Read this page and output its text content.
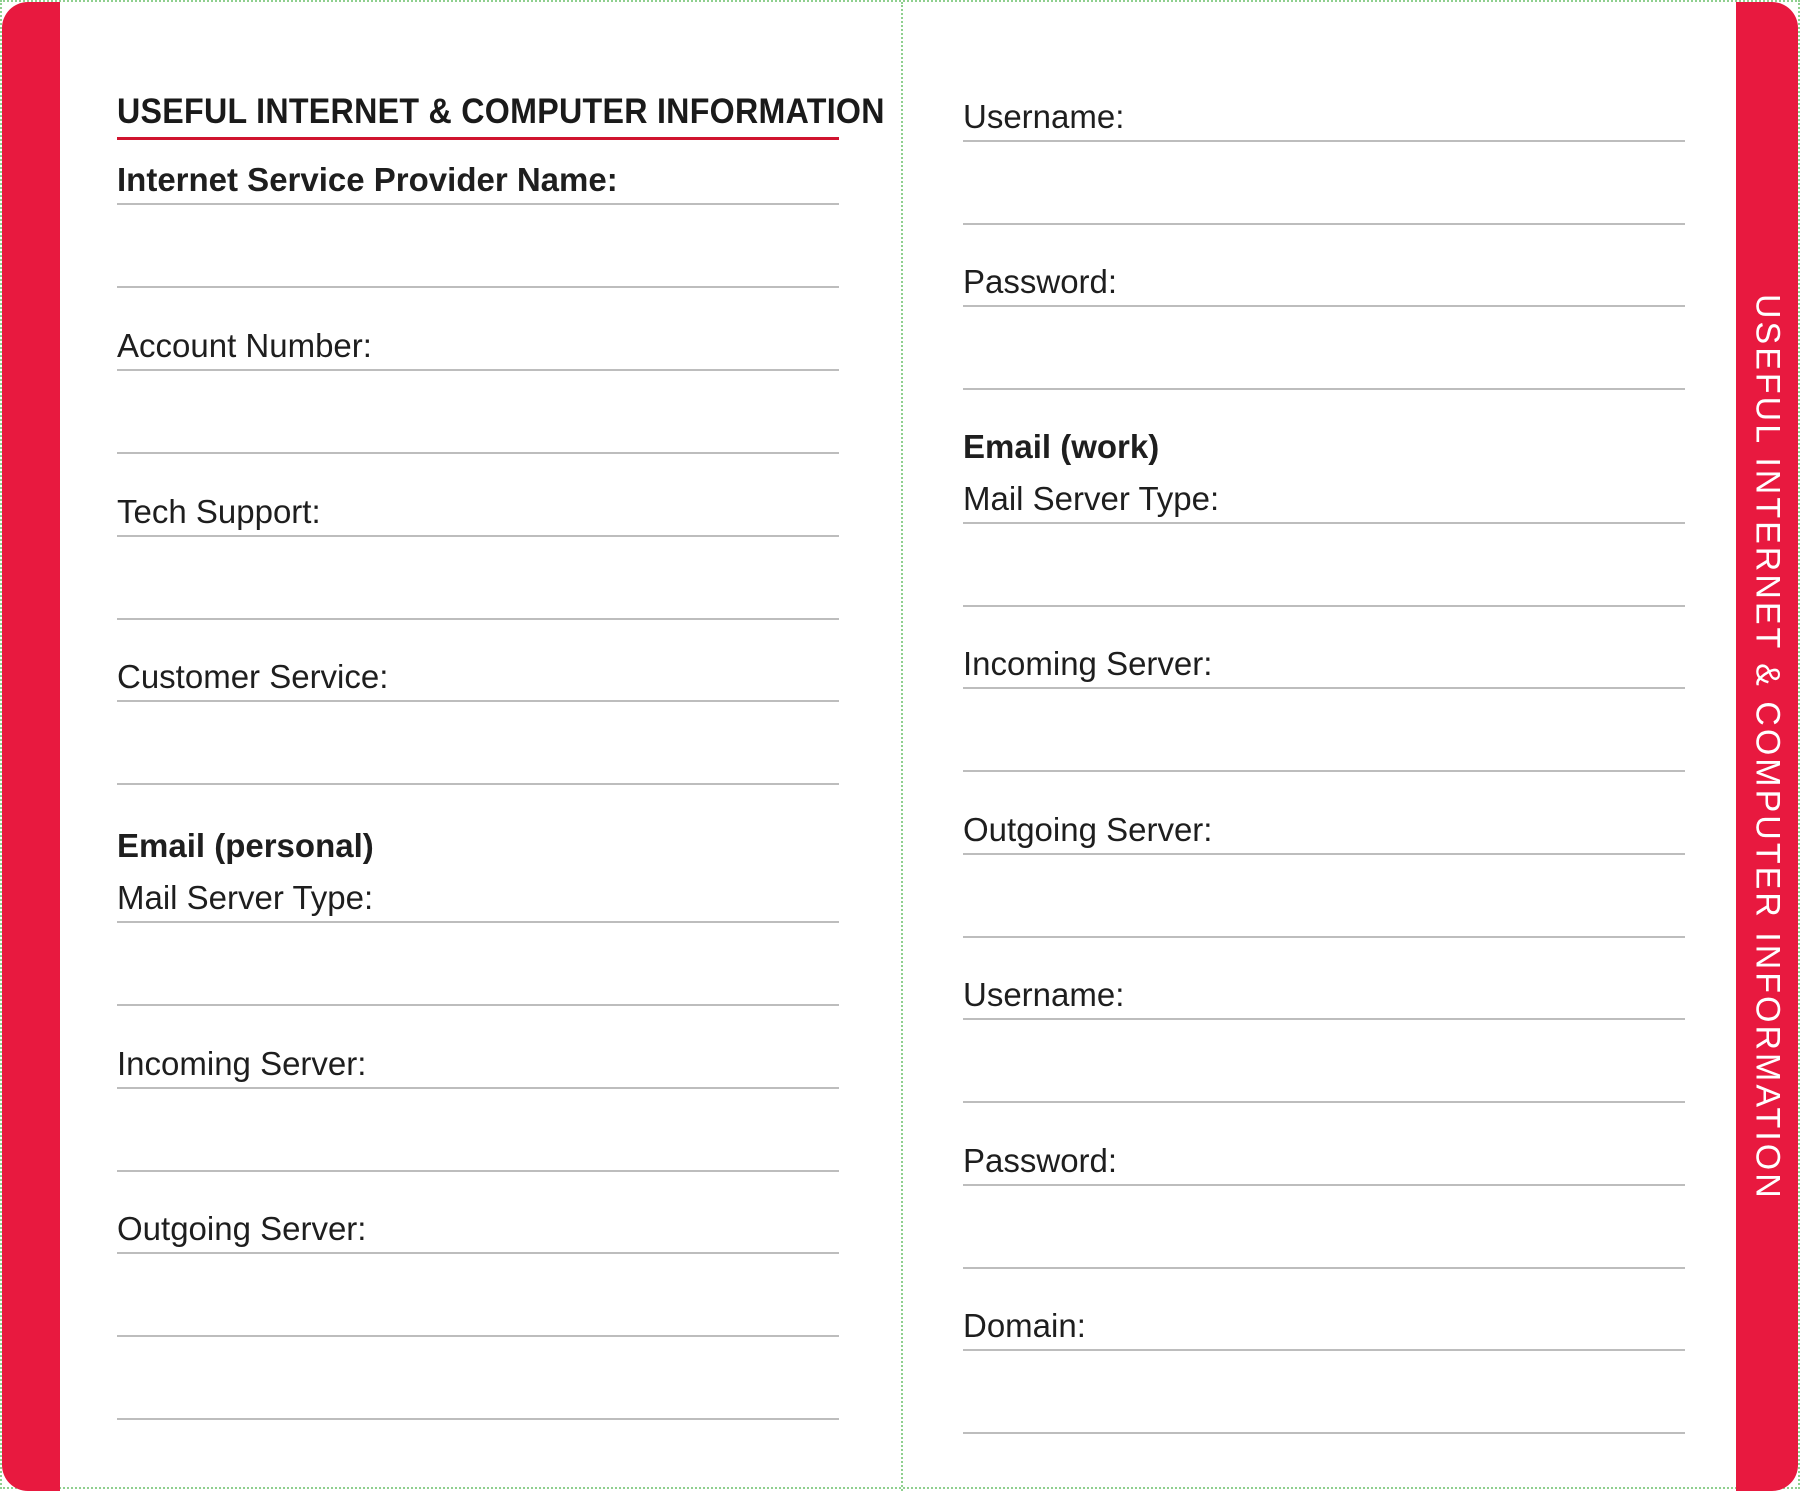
USEFUL INTERNET & COMPUTER INFORMATION
USEFUL INTERNET & COMPUTER INFORMATION
Internet Service Provider Name:
Account Number:
Tech Support:
Customer Service:
Email (personal)
Mail Server Type:
Incoming Server:
Outgoing Server:
Username:
Password:
Email (work)
Mail Server Type:
Incoming Server:
Outgoing Server:
Username:
Password:
Domain:
